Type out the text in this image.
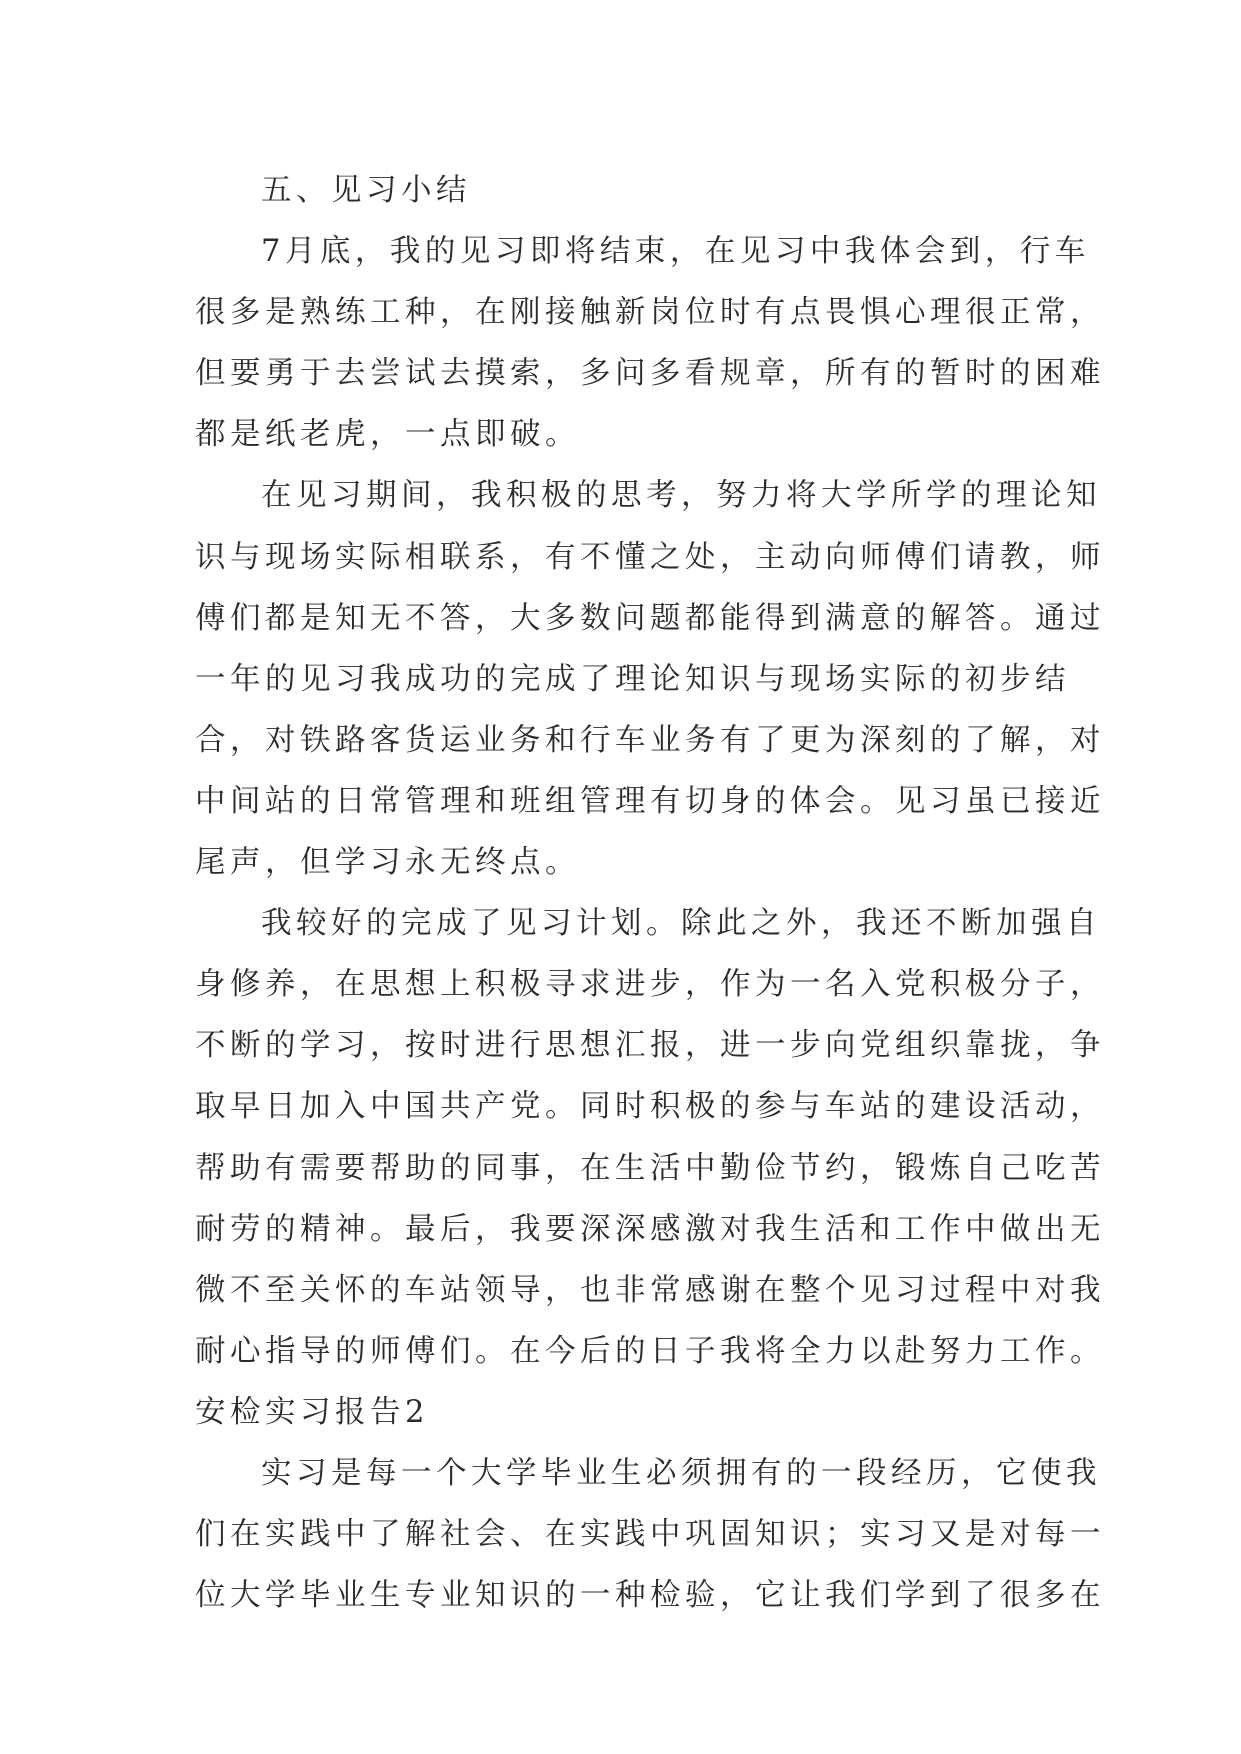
五、见习小结
7月底，我的见习即将结束，在见习中我体会到，行车
很多是熟练工种，在刚接触新岗位时有点畏惧心理很正常，
但要勇于去尝试去摸索，多问多看规章，所有的暂时的困难
都是纸老虎，一点即破。
在见习期间，我积极的思考，努力将大学所学的理论知
识与现场实际相联系，有不懂之处，主动向师傅们请教，师
傅们都是知无不答，大多数问题都能得到满意的解答。通过
一年的见习我成功的完成了理论知识与现场实际的初步结
合，对铁路客货运业务和行车业务有了更为深刻的了解，对
中间站的日常管理和班组管理有切身的体会。见习虽已接近
尾声，但学习永无终点。
我较好的完成了见习计划。除此之外，我还不断加强自
身修养，在思想上积极寻求进步，作为一名入党积极分子，
不断的学习，按时进行思想汇报，进一步向党组织靠拢，争
取早日加入中国共产党。同时积极的参与车站的建设活动，
帮助有需要帮助的同事，在生活中勤俭节约，锻炼自己吃苦
耐劳的精神。最后，我要深深感激对我生活和工作中做出无
微不至关怀的车站领导，也非常感谢在整个见习过程中对我
耐心指导的师傅们。在今后的日子我将全力以赴努力工作。
安检实习报告2
实习是每一个大学毕业生必须拥有的一段经历，它使我
们在实践中了解社会、在实践中巩固知识；实习又是对每一
位大学毕业生专业知识的一种检验，它让我们学到了很多在
